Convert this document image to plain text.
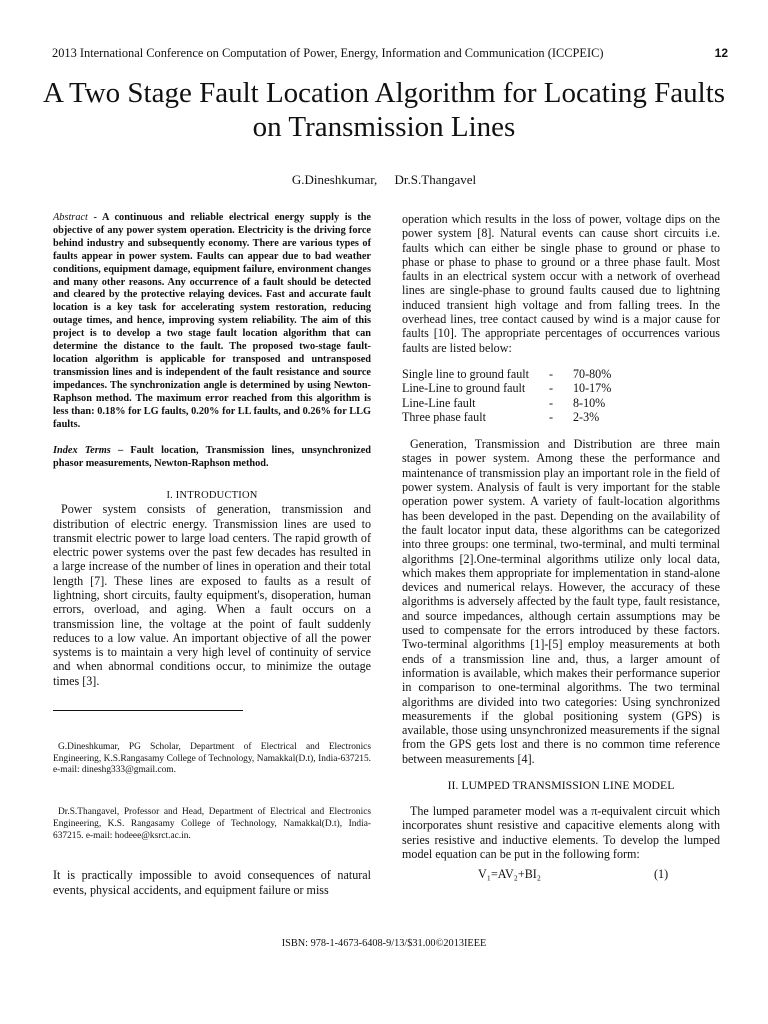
2013 International Conference on Computation of Power, Energy, Information and Communication (ICCPEIC)	12
A Two Stage Fault Location Algorithm for Locating Faults on Transmission Lines
G.Dineshkumar, Dr.S.Thangavel

Abstract - A continuous and reliable electrical energy supply is the objective of any power system operation. Electricity is the driving force behind industry and subsequently economy. There are various types of faults appear in power system. Faults can appear due to bad weather conditions, equipment damage, equipment failure, environment changes and many other reasons. Any occurrence of a fault should be detected and cleared by the protective relaying devices. Fast and accurate fault location is a key task for accelerating system restoration, reducing outage times, and hence, improving system reliability. The aim of this project is to develop a two stage fault location algorithm that can determine the distance to the fault. The proposed two-stage fault-location algorithm is applicable for transposed and untransposed transmission lines and is independent of the fault resistance and source impedances. The synchronization angle is determined by using Newton-Raphson method. The maximum error reached from this algorithm is less than: 0.18% for LG faults, 0.20% for LL faults, and 0.26% for LLG faults.

Index Terms – Fault location, Transmission lines, unsynchronized phasor measurements, Newton-Raphson method.

I. INTRODUCTION

Power system consists of generation, transmission and distribution of electric energy. Transmission lines are used to transmit electric power to large load centers. The rapid growth of electric power systems over the past few decades has resulted in a large increase of the number of lines in operation and their total length [7]. These lines are exposed to faults as a result of lightning, short circuits, faulty equipment's, disoperation, human errors, overload, and aging. When a fault occurs on a transmission line, the voltage at the point of fault suddenly reduces to a low value. An important objective of all the power systems is to maintain a very high level of continuity of service and when abnormal conditions occur, to minimize the outage times [3].

G.Dineshkumar, PG Scholar, Department of Electrical and Electronics Engineering, K.S.Rangasamy College of Technology, Namakkal(D.t), India-637215. e-mail: dineshg333@gmail.com.

Dr.S.Thangavel, Professor and Head, Department of Electrical and Electronics Engineering, K.S. Rangasamy College of Technology, Namakkal(D.t), India-637215. e-mail: hodeee@ksrct.ac.in.

It is practically impossible to avoid consequences of natural events, physical accidents, and equipment failure or miss

operation which results in the loss of power, voltage dips on the power system [8]. Natural events can cause short circuits i.e. faults which can either be single phase to ground or phase to phase or phase to phase to ground or a three phase fault. Most faults in an electrical system occur with a network of overhead lines are single-phase to ground faults caused due to lightning induced transient high voltage and from falling trees. In the overhead lines, tree contact caused by wind is a major cause for faults [10]. The appropriate percentages of occurrences various faults are listed below:

Single line to ground fault	-	70-80%
Line-Line to ground fault	-	10-17%
Line-Line fault	-	8-10%
Three phase fault	-	2-3%

Generation, Transmission and Distribution are three main stages in power system. Among these the performance and maintenance of transmission play an important role in the field of power system. Analysis of fault is very important for the stable operation power system. A variety of fault-location algorithms has been developed in the past. Depending on the availability of the fault locator input data, these algorithms can be categorized into three groups: one terminal, two-terminal, and multi terminal algorithms [2].One-terminal algorithms utilize only local data, which makes them appropriate for implementation in stand-alone devices and numerical relays. However, the accuracy of these algorithms is adversely affected by the fault type, fault resistance, and source impedances, although certain assumptions may be used to compensate for the errors introduced by these factors. Two-terminal algorithms [1]-[5] employ measurements at both ends of a transmission line and, thus, a larger amount of information is available, which makes their performance superior in comparison to one-terminal algorithms. The two terminal algorithms are divided into two categories: Using synchronized measurements if the global positioning system (GPS) is available, those using unsynchronized measurements if the signal from the GPS gets lost and there is no common time reference between measurements [4].

II. LUMPED TRANSMISSION LINE MODEL

The lumped parameter model was a π-equivalent circuit which incorporates shunt resistive and capacitive elements along with series resistive and inductive elements. To develop the lumped model equation can be put in the following form:

V₁=AV₂+BI₂	(1)
ISBN: 978-1-4673-6408-9/13/$31.00©2013IEEE
